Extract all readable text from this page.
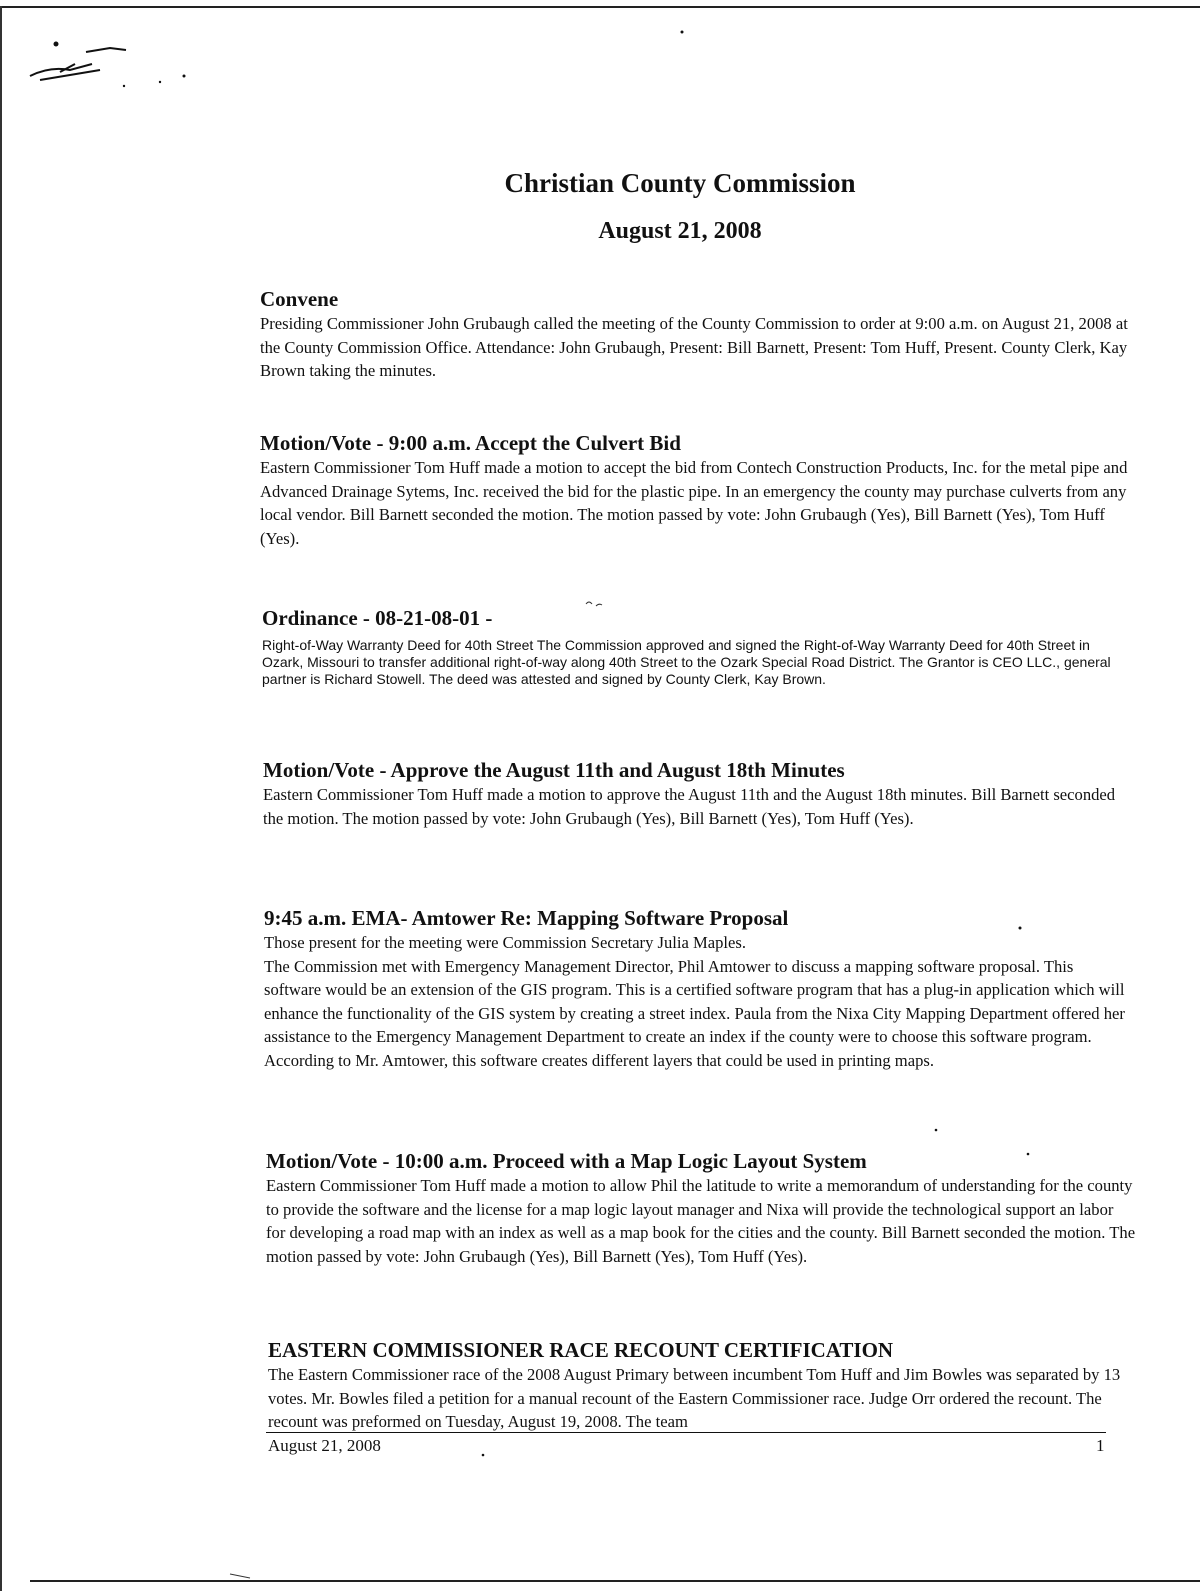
Christian County Commission
August 21, 2008

Convene

Presiding Commissioner John Grubaugh called the meeting of the County Commission to order at 9:00 a.m. on August 21, 2008 at the County Commission Office. Attendance: John Grubaugh, Present: Bill Barnett, Present: Tom Huff, Present. County Clerk, Kay Brown taking the minutes.

Motion/Vote - 9:00 a.m. Accept the Culvert Bid

Eastern Commissioner Tom Huff made a motion to accept the bid from Contech Construction Products, Inc. for the metal pipe and Advanced Drainage Sytems, Inc. received the bid for the plastic pipe. In an emergency the county may purchase culverts from any local vendor. Bill Barnett seconded the motion. The motion passed by vote: John Grubaugh (Yes), Bill Barnett (Yes), Tom Huff (Yes).

Ordinance - 08-21-08-01 -

Right-of-Way Warranty Deed for 40th Street The Commission approved and signed the Right-of-Way Warranty Deed for 40th Street in Ozark, Missouri to transfer additional right-of-way along 40th Street to the Ozark Special Road District. The Grantor is CEO LLC., general partner is Richard Stowell. The deed was attested and signed by County Clerk, Kay Brown.

Motion/Vote - Approve the August 11th and August 18th Minutes

Eastern Commissioner Tom Huff made a motion to approve the August 11th and the August 18th minutes. Bill Barnett seconded the motion. The motion passed by vote: John Grubaugh (Yes), Bill Barnett (Yes), Tom Huff (Yes).

9:45 a.m. EMA- Amtower Re: Mapping Software Proposal

Those present for the meeting were Commission Secretary Julia Maples.

The Commission met with Emergency Management Director, Phil Amtower to discuss a mapping software proposal. This software would be an extension of the GIS program. This is a certified software program that has a plug-in application which will enhance the functionality of the GIS system by creating a street index. Paula from the Nixa City Mapping Department offered her assistance to the Emergency Management Department to create an index if the county were to choose this software program. According to Mr. Amtower, this software creates different layers that could be used in printing maps.

Motion/Vote - 10:00 a.m. Proceed with a Map Logic Layout System

Eastern Commissioner Tom Huff made a motion to allow Phil the latitude to write a memorandum of understanding for the county to provide the software and the license for a map logic layout manager and Nixa will provide the technological support an labor for developing a road map with an index as well as a map book for the cities and the county. Bill Barnett seconded the motion. The motion passed by vote: John Grubaugh (Yes), Bill Barnett (Yes), Tom Huff (Yes).

EASTERN COMMISSIONER RACE RECOUNT CERTIFICATION

The Eastern Commissioner race of the 2008 August Primary between incumbent Tom Huff and Jim Bowles was separated by 13 votes. Mr. Bowles filed a petition for a manual recount of the Eastern Commissioner race. Judge Orr ordered the recount. The recount was preformed on Tuesday, August 19, 2008. The team

August 21, 2008	1
